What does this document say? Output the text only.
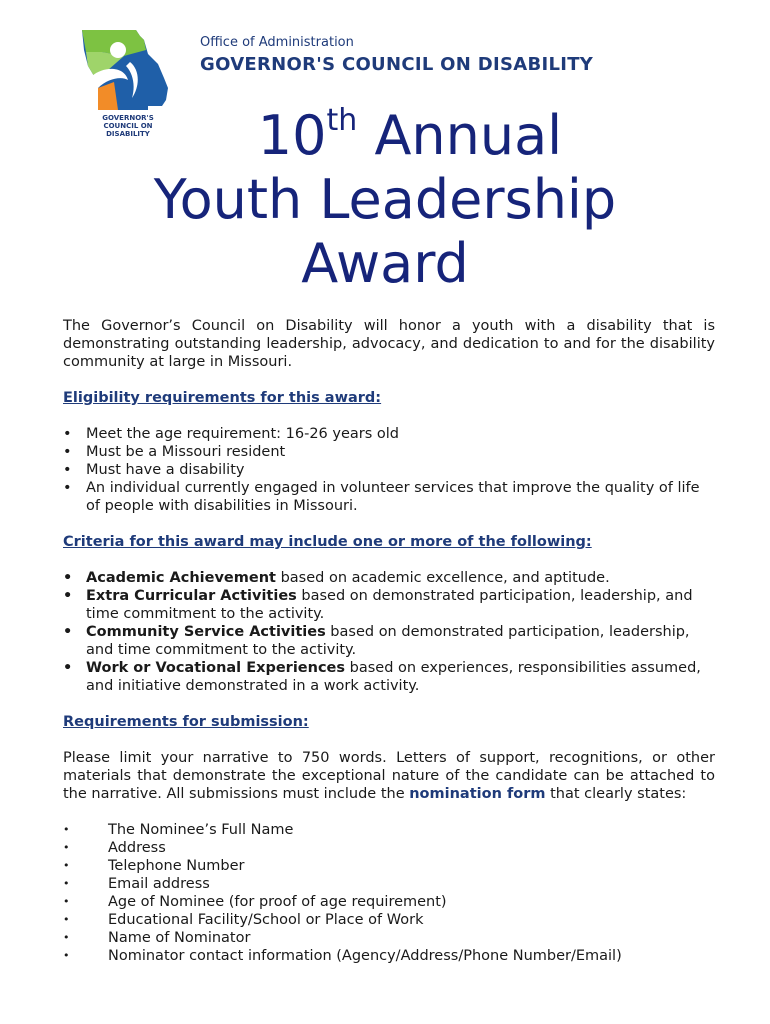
GOVERNOR'S COUNCIL ON DISABILITY
Office of Administration
GOVERNOR'S COUNCIL ON DISABILITY
10th Annual
Youth Leadership
Award

The Governor’s Council on Disability will honor a youth with a disability that is demonstrating outstanding leadership, advocacy, and dedication to and for the disability community at large in Missouri.

Eligibility requirements for this award:
• Meet the age requirement: 16-26 years old
• Must be a Missouri resident
• Must have a disability
• An individual currently engaged in volunteer services that improve the quality of life of people with disabilities in Missouri.
Criteria for this award may include one or more of the following:
• Academic Achievement based on academic excellence, and aptitude.
• Extra Curricular Activities based on demonstrated participation, leadership, and time commitment to the activity.
• Community Service Activities based on demonstrated participation, leadership, and time commitment to the activity.
• Work or Vocational Experiences based on experiences, responsibilities assumed, and initiative demonstrated in a work activity.
Requirements for submission:

Please limit your narrative to 750 words. Letters of support, recognitions, or other materials that demonstrate the exceptional nature of the candidate can be attached to the narrative. All submissions must include the nomination form that clearly states:

•	The Nominee’s Full Name
•	Address
•	Telephone Number
•	Email address
•	Age of Nominee (for proof of age requirement)
•	Educational Facility/School or Place of Work
•	Name of Nominator
•	Nominator contact information (Agency/Address/Phone Number/Email)
